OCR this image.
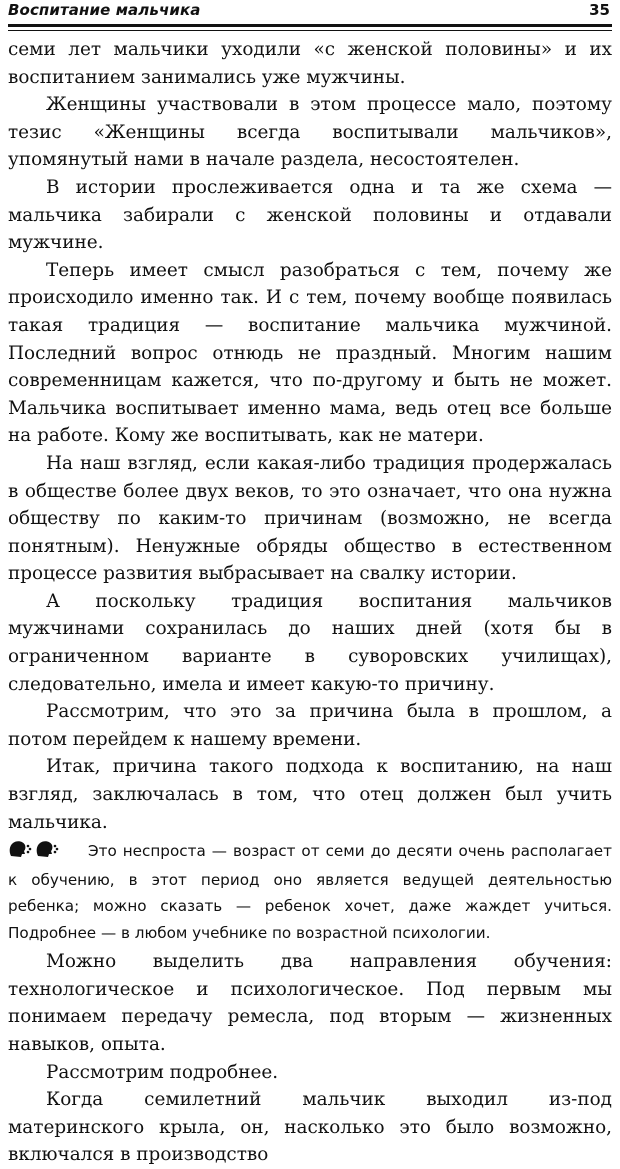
Воспитание мальчика	35

семи лет мальчики уходили «с женской половины» и их воспитанием занимались уже мужчины.

Женщины участвовали в этом процессе мало, поэтому тезис «Женщины всегда воспитывали мальчиков», упомянутый нами в начале раздела, несостоятелен.

В истории прослеживается одна и та же схема — мальчика забирали с женской половины и отдавали мужчине.

Теперь имеет смысл разобраться с тем, почему же происходило именно так. И с тем, почему вообще появилась такая традиция — воспитание мальчика мужчиной. Последний вопрос отнюдь не праздный. Многим нашим современницам кажется, что по-другому и быть не может. Мальчика воспитывает именно мама, ведь отец все больше на работе. Кому же воспитывать, как не матери.

На наш взгляд, если какая-либо традиция продержалась в обществе более двух веков, то это означает, что она нужна обществу по каким-то причинам (возможно, не всегда понятным). Ненужные обряды общество в естественном процессе развития выбрасывает на свалку истории.

А поскольку традиция воспитания мальчиков мужчинами сохранилась до наших дней (хотя бы в ограниченном варианте в суворовских училищах), следовательно, имела и имеет какую-то причину.

Рассмотрим, что это за причина была в прошлом, а потом перейдем к нашему времени.

Итак, причина такого подхода к воспитанию, на наш взгляд, заключалась в том, что отец должен был учить мальчика.

Это неспроста — возраст от семи до десяти очень располагает к обучению, в этот период оно является ведущей деятельностью ребенка; можно сказать — ребенок хочет, даже жаждет учиться. Подробнее — в любом учебнике по возрастной психологии.

Можно выделить два направления обучения: технологическое и психологическое. Под первым мы понимаем передачу ремесла, под вторым — жизненных навыков, опыта.

Рассмотрим подробнее.

Когда семилетний мальчик выходил из-под материнского крыла, он, насколько это было возможно, включался в производство
